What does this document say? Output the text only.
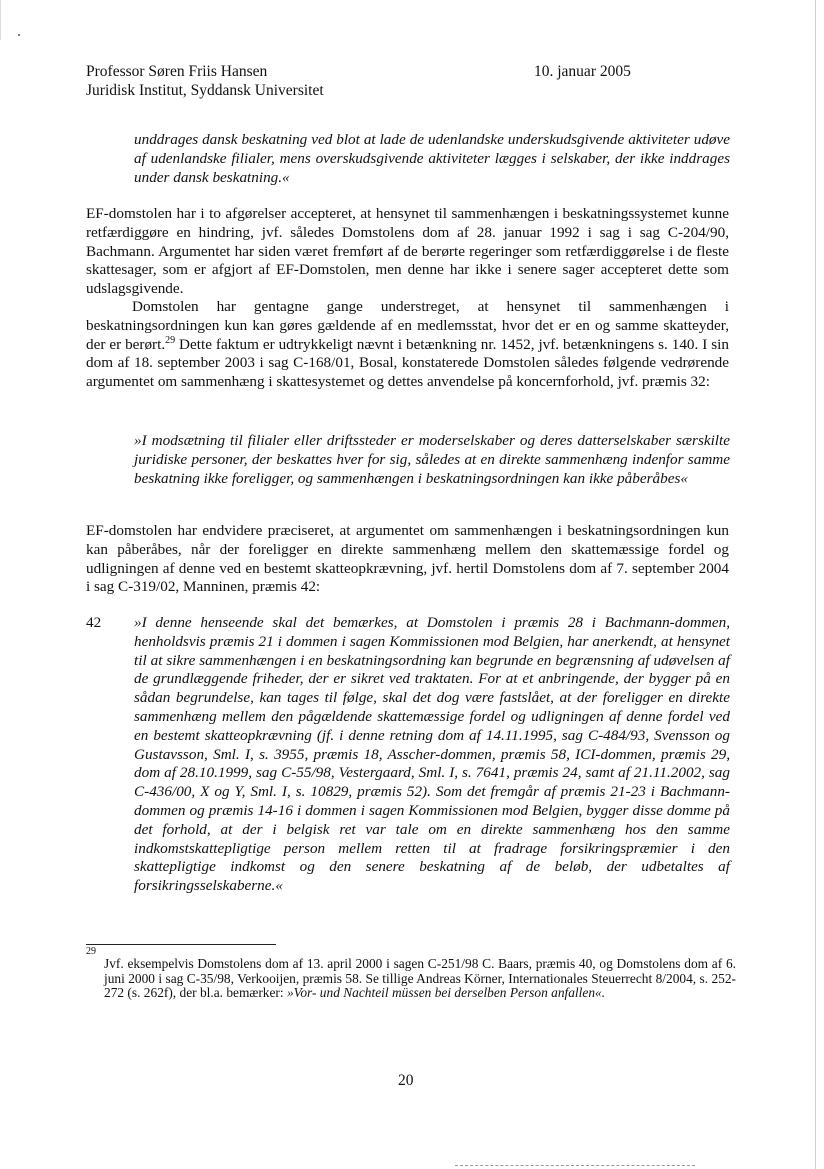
Professor Søren Friis Hansen
Juridisk Institut, Syddansk Universitet
10. januar 2005

unddrages dansk beskatning ved blot at lade de udenlandske underskudsgivende aktiviteter udøve af udenlandske filialer, mens overskudsgivende aktiviteter lægges i selskaber, der ikke inddrages under dansk beskatning.«

EF-domstolen har i to afgørelser accepteret, at hensynet til sammenhængen i beskatningssystemet kunne retfærdiggøre en hindring, jvf. således Domstolens dom af 28. januar 1992 i sag i sag C-204/90, Bachmann. Argumentet har siden været fremført af de berørte regeringer som retfærdiggørelse i de fleste skattesager, som er afgjort af EF-Domstolen, men denne har ikke i senere sager accepteret dette som udslagsgivende.

Domstolen har gentagne gange understreget, at hensynet til sammenhængen i beskatningsordningen kun kan gøres gældende af en medlemsstat, hvor det er en og samme skatteyder, der er berørt.$^{29}$ Dette faktum er udtrykkeligt nævnt i betænkning nr. 1452, jvf. betænkningens s. 140. I sin dom af 18. september 2003 i sag C-168/01, Bosal, konstaterede Domstolen således følgende vedrørende argumentet om sammenhæng i skattesystemet og dettes anvendelse på koncernforhold, jvf. præmis 32:

»I modsætning til filialer eller driftssteder er moderselskaber og deres datterselskaber særskilte juridiske personer, der beskattes hver for sig, således at en direkte sammenhæng indenfor samme beskatning ikke foreligger, og sammenhængen i beskatningsordningen kan ikke påberåbes«

EF-domstolen har endvidere præciseret, at argumentet om sammenhængen i beskatningsordningen kun kan påberåbes, når der foreligger en direkte sammenhæng mellem den skattemæssige fordel og udligningen af denne ved en bestemt skatteopkrævning, jvf. hertil Domstolens dom af 7. september 2004 i sag C-319/02, Manninen, præmis 42:

42 »I denne henseende skal det bemærkes, at Domstolen i præmis 28 i Bachmann-dommen, henholdsvis præmis 21 i dommen i sagen Kommissionen mod Belgien, har anerkendt, at hensynet til at sikre sammenhængen i en beskatningsordning kan begrunde en begrænsning af udøvelsen af de grundlæggende friheder, der er sikret ved traktaten. For at et anbringende, der bygger på en sådan begrundelse, kan tages til følge, skal det dog være fastslået, at der foreligger en direkte sammenhæng mellem den pågældende skattemæssige fordel og udligningen af denne fordel ved en bestemt skatteopkrævning (jf. i denne retning dom af 14.11.1995, sag C-484/93, Svensson og Gustavsson, Sml. I, s. 3955, præmis 18, Asscher-dommen, præmis 58, ICI-dommen, præmis 29, dom af 28.10.1999, sag C-55/98, Vestergaard, Sml. I, s. 7641, præmis 24, samt af 21.11.2002, sag C-436/00, X og Y, Sml. I, s. 10829, præmis 52). Som det fremgår af præmis 21-23 i Bachmann-dommen og præmis 14-16 i dommen i sagen Kommissionen mod Belgien, bygger disse domme på det forhold, at der i belgisk ret var tale om en direkte sammenhæng hos den samme indkomstskattepligtige person mellem retten til at fradrage forsikringspræmier i den skattepligtige indkomst og den senere beskatning af de beløb, der udbetaltes af forsikringsselskaberne.«

29
Jvf. eksempelvis Domstolens dom af 13. april 2000 i sagen C-251/98 C. Baars, præmis 40, og Domstolens dom af 6. juni 2000 i sag C-35/98, Verkooijen, præmis 58. Se tillige Andreas Körner, Internationales Steuerrecht 8/2004, s. 252-272 (s. 262f), der bl.a. bemærker: »Vor- und Nachteil müssen bei derselben Person anfallen«.
20
